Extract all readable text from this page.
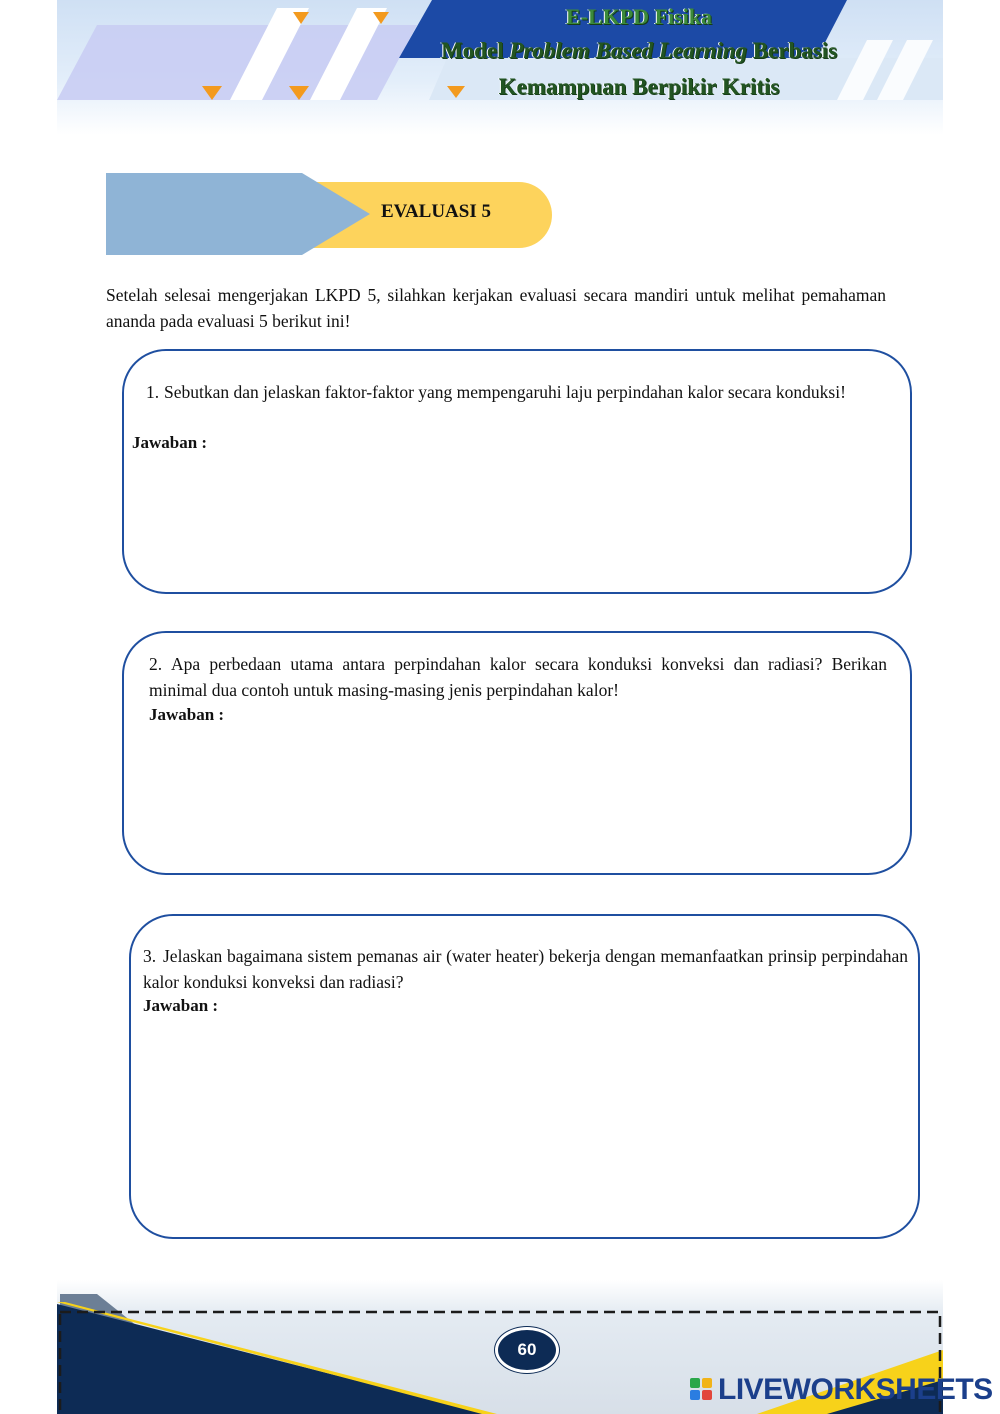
E-LKPD Fisika
Model Problem Based Learning Berbasis
Kemampuan Berpikir Kritis
EVALUASI 5
Setelah selesai mengerjakan LKPD 5, silahkan kerjakan evaluasi secara mandiri untuk melihat pemahaman ananda pada evaluasi 5 berikut ini!
1. Sebutkan dan jelaskan faktor-faktor yang mempengaruhi laju perpindahan kalor secara konduksi!
Jawaban :
2. Apa perbedaan utama antara perpindahan kalor secara konduksi konveksi dan radiasi? Berikan minimal dua contoh untuk masing-masing jenis perpindahan kalor!
Jawaban :
3. Jelaskan bagaimana sistem pemanas air (water heater) bekerja dengan memanfaatkan prinsip perpindahan kalor konduksi konveksi dan radiasi?
Jawaban :
60
LIVEWORKSHEETS
